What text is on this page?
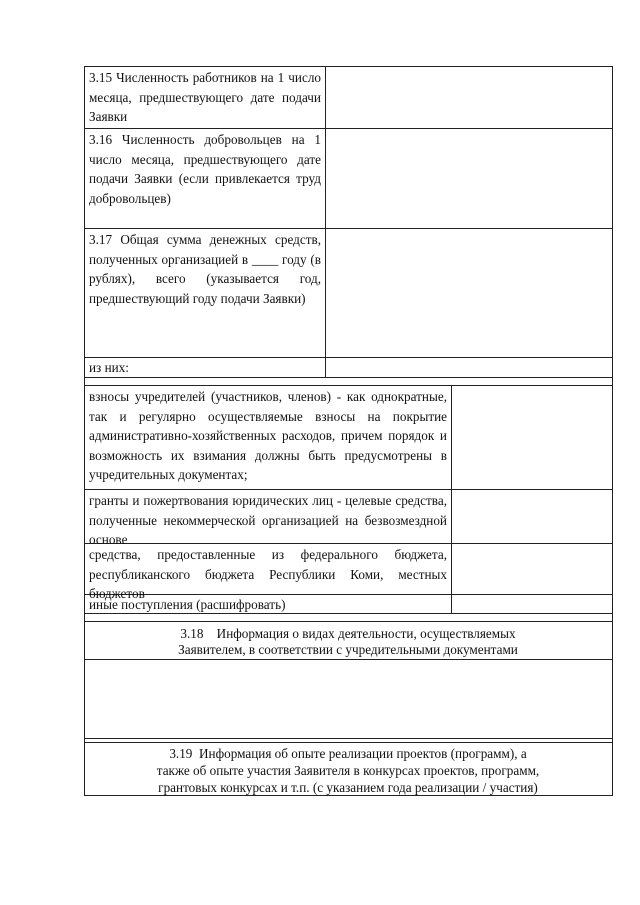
3.15 Численность работников на 1 число месяца, предшествующего дате подачи Заявки
3.16 Численность добровольцев на 1 число месяца, предшествующего дате подачи Заявки (если привлекается труд добровольцев)
3.17 Общая сумма денежных средств, полученных организацией в ____ году (в рублях), всего (указывается год, предшествующий году подачи Заявки)
из них:
взносы учредителей (участников, членов) - как однократные, так и регулярно осуществляемые взносы на покрытие административно-хозяйственных расходов, причем порядок и возможность их взимания должны быть предусмотрены в учредительных документах;
гранты и пожертвования юридических лиц - целевые средства, полученные некоммерческой организацией на безвозмездной основе
средства, предоставленные из федерального бюджета, республиканского бюджета Республики Коми, местных бюджетов
иные поступления (расшифровать)
3.18    Информация о видах деятельности, осуществляемых
Заявителем, в соответствии с учредительными документами
3.19  Информация об опыте реализации проектов (программ), а
также об опыте участия Заявителя в конкурсах проектов, программ,
грантовых конкурсах и т.п. (с указанием года реализации / участия)
